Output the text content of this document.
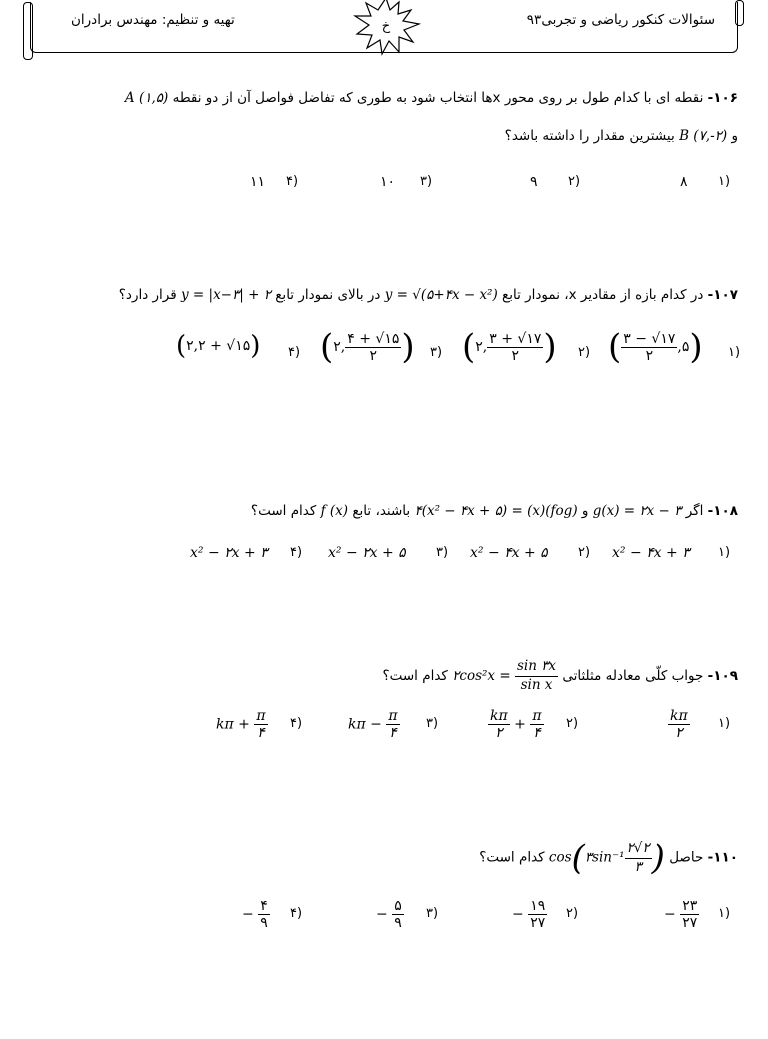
سئوالات کنکور ریاضی و تجربی۹۳
تهیه و تنظیم: مهندس برادران	خ
۱۰۶- نقطه ای با کدام طول بر روی محور xها انتخاب شود به طوری که تفاضل فواصل آن از دو نقطه A (۱,۵)
و B (۷,-۲) بیشترین مقدار را داشته باشد؟
۱)
۸
۲)
۹
۳)
۱۰
۴)
۱۱
۱۰۷- در کدام بازه از مقادیر x، نمودار تابع y = √(۵+۴x − x²) در بالای نمودار تابع y = |x−۳| + ۲ قرار دارد؟
۱)
( $\frac{۳ - √۱۷}{۲}$ ,۵)
۲)
(۲, $\frac{۳ + √۱۷}{۲}$ )
۳)
(۲, $\frac{۴ + √۱۵}{۲}$ )
۴)
(۲,۲ + √۱۵)
۱۰۸- اگر g(x) = ۲x − ۳ و (fog)(x) = ۴(x² − ۴x + ۵) باشند، تابع f (x) کدام است؟
۱)
x² − ۴x + ۳
۲)
x² − ۴x + ۵
۳)
x² − ۲x + ۵
۴)
x² − ۲x + ۳
۱۰۹- جواب کلّی معادله مثلثاتی
$\frac{\sin ۳x}{\text{sin x}}$
= ۲cos²x کدام است؟
۱)
$\frac{k\pi}{۲}$
۲)
$\frac{k\pi}{۲} + \frac{\pi}{۴}$
۳)
$k\pi - \frac{\pi}{۴}$
۴)
$k\pi + \frac{\pi}{۴}$
۱۱۰- حاصل cos(۳sin⁻¹ $\frac{۲√۲}{۳}$ ) کدام است؟
۱)
− $\frac{۲۳}{۲۷}$
۲)
− $\frac{۱۹}{۲۷}$
۳)
− $\frac{۵}{۹}$
۴)
− $\frac{۴}{۹}$
